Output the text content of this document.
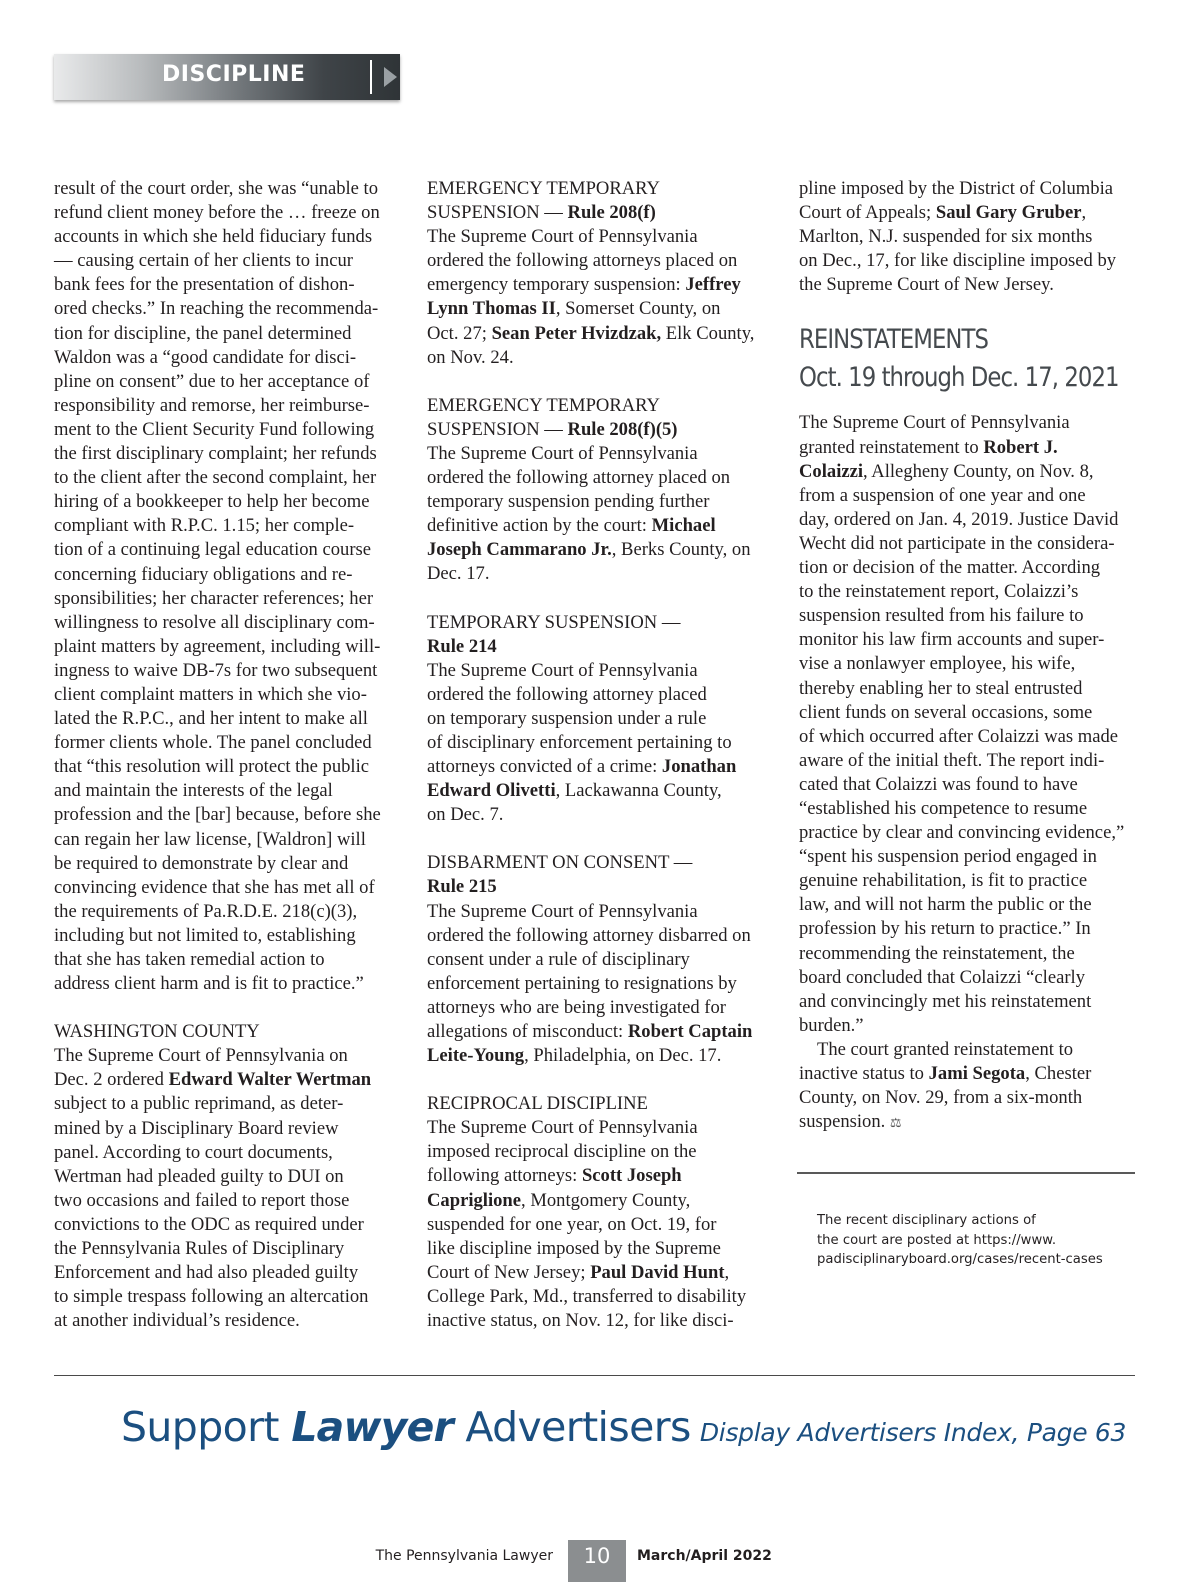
DISCIPLINE

result of the court order, she was “unable to
refund client money before the … freeze on
accounts in which she held fiduciary funds
— causing certain of her clients to incur
bank fees for the presentation of dishon-
ored checks.” In reaching the recommenda-
tion for discipline, the panel determined
Waldon was a “good candidate for disci-
pline on consent” due to her acceptance of
responsibility and remorse, her reimburse-
ment to the Client Security Fund following
the first disciplinary complaint; her refunds
to the client after the second complaint, her
hiring of a bookkeeper to help her become
compliant with R.P.C. 1.15; her comple-
tion of a continuing legal education course
concerning fiduciary obligations and re-
sponsibilities; her character references; her
willingness to resolve all disciplinary com-
plaint matters by agreement, including will-
ingness to waive DB-7s for two subsequent
client complaint matters in which she vio-
lated the R.P.C., and her intent to make all
former clients whole. The panel concluded
that “this resolution will protect the public
and maintain the interests of the legal
profession and the [bar] because, before she
can regain her law license, [Waldron] will
be required to demonstrate by clear and
convincing evidence that she has met all of
the requirements of Pa.R.D.E. 218(c)(3),
including but not limited to, establishing
that she has taken remedial action to
address client harm and is fit to practice.”

WASHINGTON COUNTY
The Supreme Court of Pennsylvania on
Dec. 2 ordered Edward Walter Wertman
subject to a public reprimand, as deter-
mined by a Disciplinary Board review
panel. According to court documents,
Wertman had pleaded guilty to DUI on
two occasions and failed to report those
convictions to the ODC as required under
the Pennsylvania Rules of Disciplinary
Enforcement and had also pleaded guilty
to simple trespass following an altercation
at another individual’s residence.

EMERGENCY TEMPORARY
SUSPENSION — Rule 208(f)
The Supreme Court of Pennsylvania
ordered the following attorneys placed on
emergency temporary suspension: Jeffrey
Lynn Thomas II, Somerset County, on
Oct. 27; Sean Peter Hvizdzak, Elk County,
on Nov. 24.

EMERGENCY TEMPORARY
SUSPENSION — Rule 208(f)(5)
The Supreme Court of Pennsylvania
ordered the following attorney placed on
temporary suspension pending further
definitive action by the court: Michael
Joseph Cammarano Jr., Berks County, on
Dec. 17.

TEMPORARY SUSPENSION —
Rule 214
The Supreme Court of Pennsylvania
ordered the following attorney placed
on temporary suspension under a rule
of disciplinary enforcement pertaining to
attorneys convicted of a crime: Jonathan
Edward Olivetti, Lackawanna County,
on Dec. 7.

DISBARMENT ON CONSENT —
Rule 215
The Supreme Court of Pennsylvania
ordered the following attorney disbarred on
consent under a rule of disciplinary
enforcement pertaining to resignations by
attorneys who are being investigated for
allegations of misconduct: Robert Captain
Leite-Young, Philadelphia, on Dec. 17.

RECIPROCAL DISCIPLINE
The Supreme Court of Pennsylvania
imposed reciprocal discipline on the
following attorneys: Scott Joseph
Capriglione, Montgomery County,
suspended for one year, on Oct. 19, for
like discipline imposed by the Supreme
Court of New Jersey; Paul David Hunt,
College Park, Md., transferred to disability
inactive status, on Nov. 12, for like disci-

pline imposed by the District of Columbia
Court of Appeals; Saul Gary Gruber,
Marlton, N.J. suspended for six months
on Dec., 17, for like discipline imposed by
the Supreme Court of New Jersey.

REINSTATEMENTS
Oct. 19 through Dec. 17, 2021

The Supreme Court of Pennsylvania
granted reinstatement to Robert J.
Colaizzi, Allegheny County, on Nov. 8,
from a suspension of one year and one
day, ordered on Jan. 4, 2019. Justice David
Wecht did not participate in the considera-
tion or decision of the matter. According
to the reinstatement report, Colaizzi’s
suspension resulted from his failure to
monitor his law firm accounts and super-
vise a nonlawyer employee, his wife,
thereby enabling her to steal entrusted
client funds on several occasions, some
of which occurred after Colaizzi was made
aware of the initial theft. The report indi-
cated that Colaizzi was found to have
“established his competence to resume
practice by clear and convincing evidence,”
“spent his suspension period engaged in
genuine rehabilitation, is fit to practice
law, and will not harm the public or the
profession by his return to practice.” In
recommending the reinstatement, the
board concluded that Colaizzi “clearly
and convincingly met his reinstatement
burden.”

The court granted reinstatement to
inactive status to Jami Segota, Chester
County, on Nov. 29, from a six-month
suspension. ⚖

The recent disciplinary actions of
the court are posted at https://www.
padisciplinaryboard.org/cases/recent-cases
Support Lawyer Advertisers Display Advertisers Index, Page 63
The Pennsylvania Lawyer	10	March/April 2022
